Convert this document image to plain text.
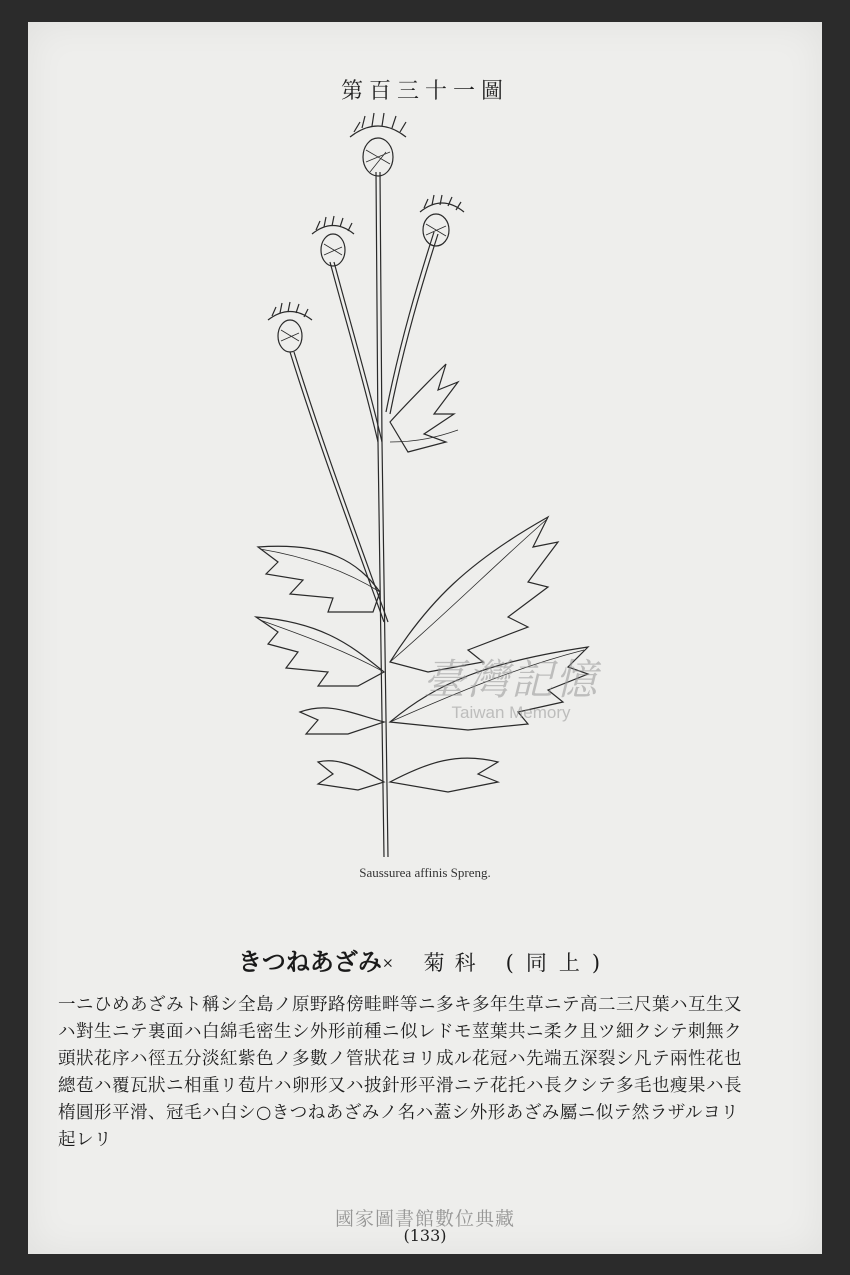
第百三十一圖
Saussurea affinis Spreng.
臺灣記憶
Taiwan Memory
きつねあざみ× 菊科 (同上)
一ニひめあざみト稱シ全島ノ原野路傍畦畔等ニ多キ多年生草ニテ高二三尺葉ハ互生又
ハ對生ニテ裏面ハ白綿毛密生シ外形前種ニ似レドモ莖葉共ニ柔ク且ツ細クシテ刺無ク
頭狀花序ハ徑五分淡紅紫色ノ多數ノ管狀花ヨリ成ル花冠ハ先端五深裂シ凡テ兩性花也
總苞ハ覆瓦狀ニ相重リ苞片ハ卵形又ハ披針形平滑ニテ花托ハ長クシテ多毛也瘦果ハ長
楕圓形平滑、冠毛ハ白シ○きつねあざみノ名ハ蓋シ外形あざみ屬ニ似テ然ラザルヨリ
起レリ
國家圖書館數位典藏
(133)
